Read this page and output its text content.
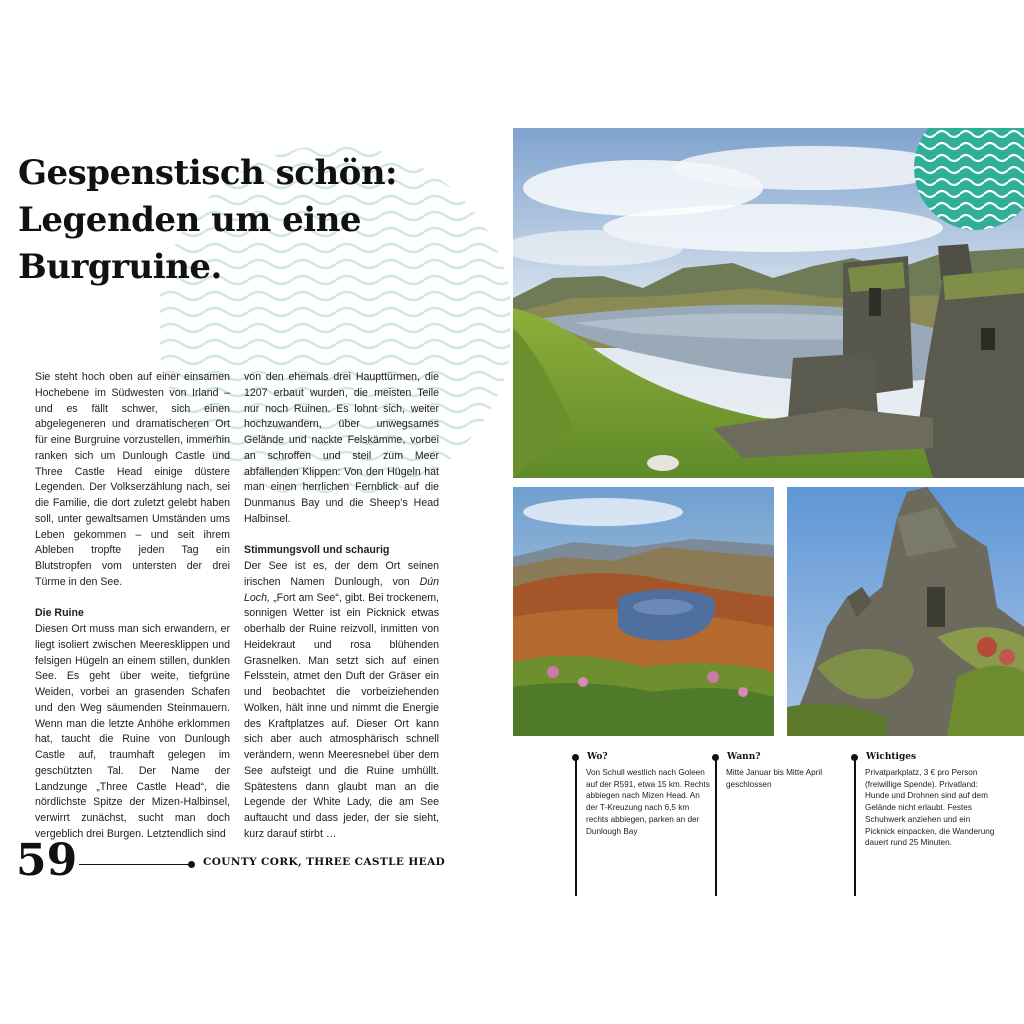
Gespenstisch schön:
Legenden um eine
Burgruine.

Sie steht hoch oben auf einer einsamen Hochebene im Südwesten von Irland – und es fällt schwer, sich einen abgelegeneren und dramatischeren Ort für eine Burgruine vorzustellen, immerhin ranken sich um Dunlough Castle und Three Castle Head einige düstere Legenden. Der Volkserzählung nach, sei die Familie, die dort zuletzt gelebt haben soll, unter gewaltsamen Umständen ums Leben gekommen – und seit ihrem Ableben tropfte jeden Tag ein Blutstropfen vom untersten der drei Türme in den See.

Die Ruine

Diesen Ort muss man sich erwandern, er liegt isoliert zwischen Meeresklippen und felsigen Hügeln an einem stillen, dunklen See. Es geht über weite, tiefgrüne Weiden, vorbei an grasenden Schafen und den Weg säumenden Steinmauern. Wenn man die letzte Anhöhe erklommen hat, taucht die Ruine von Dunlough Castle auf, traumhaft gelegen im geschützten Tal. Der Name der Landzunge „Three Castle Head“, die nördlichste Spitze der Mizen-Halbinsel, verwirrt zunächst, sucht man doch vergeblich drei Burgen. Letztendlich sind

von den ehemals drei Haupttürmen, die 1207 erbaut wurden, die meisten Teile nur noch Ruinen. Es lohnt sich, weiter hochzuwandern, über unwegsames Gelände und nackte Felskämme, vorbei an schroffen und steil zum Meer abfallenden Klippen: Von den Hügeln hat man einen herrlichen Fernblick auf die Dunmanus Bay und die Sheep’s Head Halbinsel.

Stimmungsvoll und schaurig

Der See ist es, der dem Ort seinen irischen Namen Dunlough, von Dún Loch, „Fort am See“, gibt. Bei trockenem, sonnigen Wetter ist ein Picknick etwas oberhalb der Ruine reizvoll, inmitten von Heidekraut und rosa blühenden Grasnelken. Man setzt sich auf einen Felsstein, atmet den Duft der Gräser ein und beobachtet die vorbeiziehenden Wolken, hält inne und nimmt die Energie des Kraftplatzes auf. Dieser Ort kann sich aber auch atmosphärisch schnell verändern, wenn Meeresnebel über dem See aufsteigt und die Ruine umhüllt. Spätestens dann glaubt man an die Legende der White Lady, die am See auftaucht und dass jeder, der sie sieht, kurz darauf stirbt …

59	COUNTY CORK, THREE CASTLE HEAD
Wo?
Von Schull westlich nach Goleen auf der R591, etwa 15 km. Rechts abbiegen nach Mizen Head. An der T-Kreuzung nach 6,5 km rechts abbiegen, parken an der Dunlough Bay
Wann?
Mitte Januar bis Mitte April geschlossen
Wichtiges
Privatparkplatz, 3 € pro Person (freiwillige Spende). Privatland: Hunde und Drohnen sind auf dem Gelände nicht erlaubt. Festes Schuhwerk anziehen und ein Picknick einpacken, die Wanderung dauert rund 25 Minuten.
